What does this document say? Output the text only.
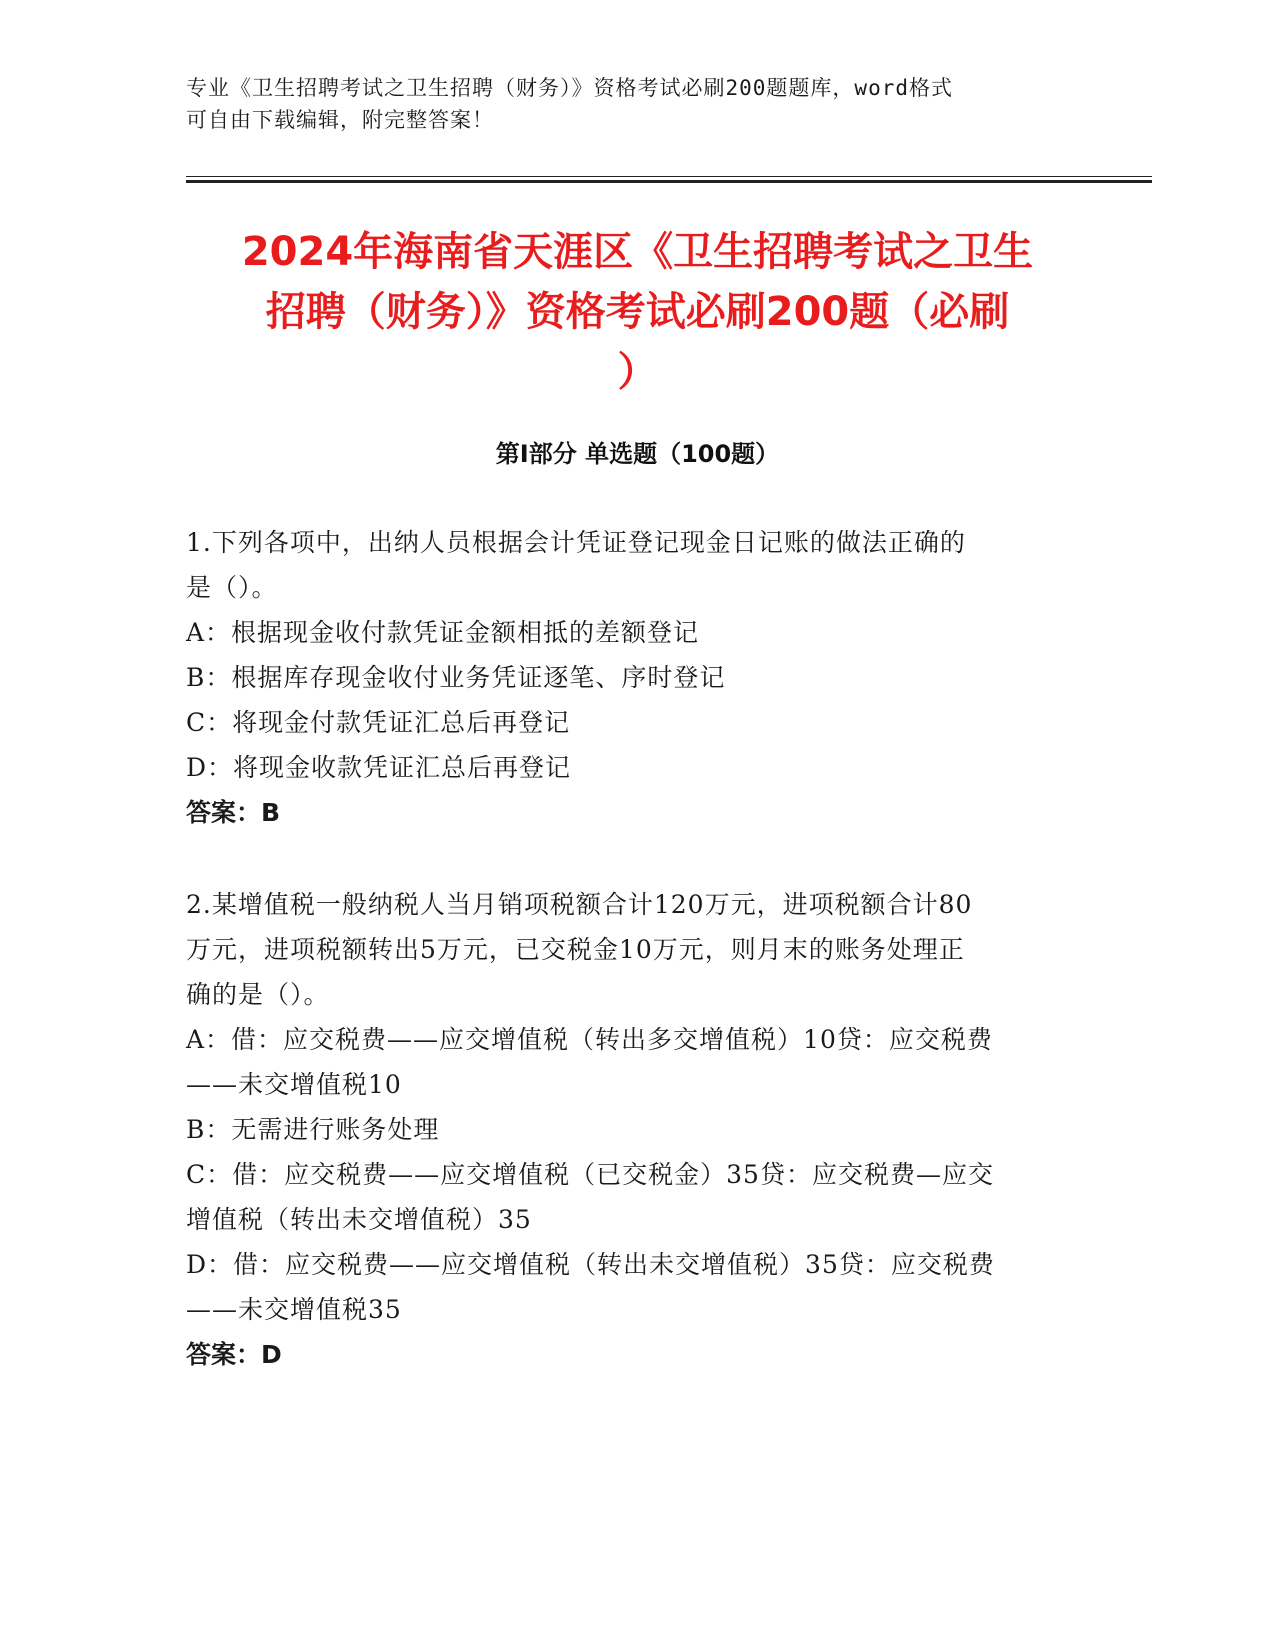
专业《卫生招聘考试之卫生招聘（财务）》资格考试必刷200题题库，word格式
可自由下载编辑，附完整答案！
2024年海南省天涯区《卫生招聘考试之卫生
招聘（财务）》资格考试必刷200题（必刷
）
第Ⅰ部分 单选题（100题）
1.下列各项中，出纳人员根据会计凭证登记现金日记账的做法正确的
是（）。
A：根据现金收付款凭证金额相抵的差额登记
B：根据库存现金收付业务凭证逐笔、序时登记
C：将现金付款凭证汇总后再登记
D：将现金收款凭证汇总后再登记
答案：B
2.某增值税一般纳税人当月销项税额合计120万元，进项税额合计80
万元，进项税额转出5万元，已交税金10万元，则月末的账务处理正
确的是（）。
A：借：应交税费——应交增值税（转出多交增值税）10贷：应交税费
——未交增值税10
B：无需进行账务处理
C：借：应交税费——应交增值税（已交税金）35贷：应交税费—应交
增值税（转出未交增值税）35
D：借：应交税费——应交增值税（转出未交增值税）35贷：应交税费
——未交增值税35
答案：D
